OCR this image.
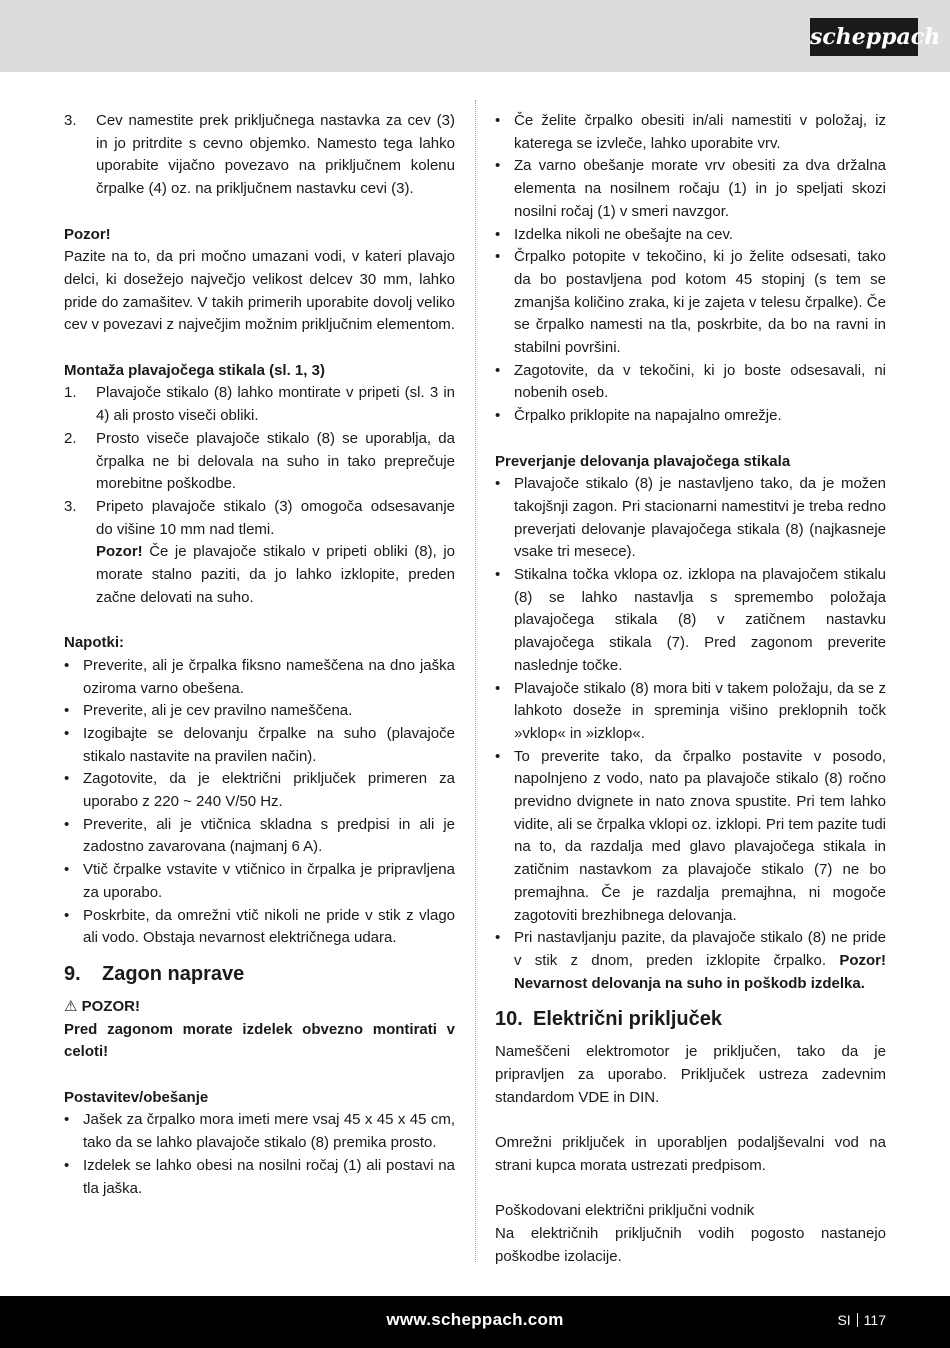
scheppach
3. Cev namestite prek priključnega nastavka za cev (3) in jo pritrdite s cevno objemko. Namesto tega lahko uporabite vijačno povezavo na priključnem kolenu črpalke (4) oz. na priključnem nastavku cevi (3).

Pozor!

Pazite na to, da pri močno umazani vodi, v kateri plavajo delci, ki dosežejo največjo velikost delcev 30 mm, lahko pride do zamašitev. V takih primerih uporabite dovolj veliko cev v povezavi z največjim možnim priključnim elementom.

Montaža plavajočega stikala (sl. 1, 3)

1. Plavajoče stikalo (8) lahko montirate v pripeti (sl. 3 in 4) ali prosto viseči obliki.

2. Prosto viseče plavajoče stikalo (8) se uporablja, da črpalka ne bi delovala na suho in tako preprečuje morebitne poškodbe.

3. Pripeto plavajoče stikalo (3) omogoča odsesavanje do višine 10 mm nad tlemi.

Pozor! Če je plavajoče stikalo v pripeti obliki (8), jo morate stalno paziti, da jo lahko izklopite, preden začne delovati na suho.

Napotki:

• Preverite, ali je črpalka fiksno nameščena na dno jaška oziroma varno obešena.

• Preverite, ali je cev pravilno nameščena.

• Izogibajte se delovanju črpalke na suho (plavajoče stikalo nastavite na pravilen način).

• Zagotovite, da je električni priključek primeren za uporabo z 220 ~ 240 V/50 Hz.

• Preverite, ali je vtičnica skladna s predpisi in ali je zadostno zavarovana (najmanj 6 A).

• Vtič črpalke vstavite v vtičnico in črpalka je pripravljena za uporabo.

• Poskrbite, da omrežni vtič nikoli ne pride v stik z vlago ali vodo. Obstaja nevarnost električnega udara.

9. Zagon naprave

⚠ POZOR!

Pred zagonom morate izdelek obvezno montirati v celoti!

Postavitev/obešanje

• Jašek za črpalko mora imeti mere vsaj 45 x 45 x 45 cm, tako da se lahko plavajoče stikalo (8) premika prosto.

• Izdelek se lahko obesi na nosilni ročaj (1) ali postavi na tla jaška.

• Če želite črpalko obesiti in/ali namestiti v položaj, iz katerega se izvleče, lahko uporabite vrv.

• Za varno obešanje morate vrv obesiti za dva držalna elementa na nosilnem ročaju (1) in jo speljati skozi nosilni ročaj (1) v smeri navzgor.

• Izdelka nikoli ne obešajte na cev.

• Črpalko potopite v tekočino, ki jo želite odsesati, tako da bo postavljena pod kotom 45 stopinj (s tem se zmanjša količino zraka, ki je zajeta v telesu črpalke). Če se črpalko namesti na tla, poskrbite, da bo na ravni in stabilni površini.

• Zagotovite, da v tekočini, ki jo boste odsesavali, ni nobenih oseb.

• Črpalko priklopite na napajalno omrežje.

Preverjanje delovanja plavajočega stikala

• Plavajoče stikalo (8) je nastavljeno tako, da je možen takojšnji zagon. Pri stacionarni namestitvi je treba redno preverjati delovanje plavajočega stikala (8) (najkasneje vsake tri mesece).

• Stikalna točka vklopa oz. izklopa na plavajočem stikalu (8) se lahko nastavlja s spremembo položaja plavajočega stikala (8) v zatičnem nastavku plavajočega stikala (7). Pred zagonom preverite naslednje točke.

• Plavajoče stikalo (8) mora biti v takem položaju, da se z lahkoto doseže in spreminja višino preklopnih točk »vklop« in »izklop«.

• To preverite tako, da črpalko postavite v posodo, napolnjeno z vodo, nato pa plavajoče stikalo (8) ročno previdno dvignete in nato znova spustite. Pri tem lahko vidite, ali se črpalka vklopi oz. izklopi. Pri tem pazite tudi na to, da razdalja med glavo plavajočega stikala in zatičnim nastavkom za plavajoče stikalo (7) ne bo premajhna. Če je razdalja premajhna, ni mogoče zagotoviti brezhibnega delovanja.

• Pri nastavljanju pazite, da plavajoče stikalo (8) ne pride v stik z dnom, preden izklopite črpalko. Pozor! Nevarnost delovanja na suho in poškodb izdelka.

10. Električni priključek

Nameščeni elektromotor je priključen, tako da je pripravljen za uporabo. Priključek ustreza zadevnim standardom VDE in DIN.

Omrežni priključek in uporabljen podaljševalni vod na strani kupca morata ustrezati predpisom.

Poškodovani električni priključni vodnik

Na električnih priključnih vodih pogosto nastanejo poškodbe izolacije.

www.scheppach.com	SI 117
